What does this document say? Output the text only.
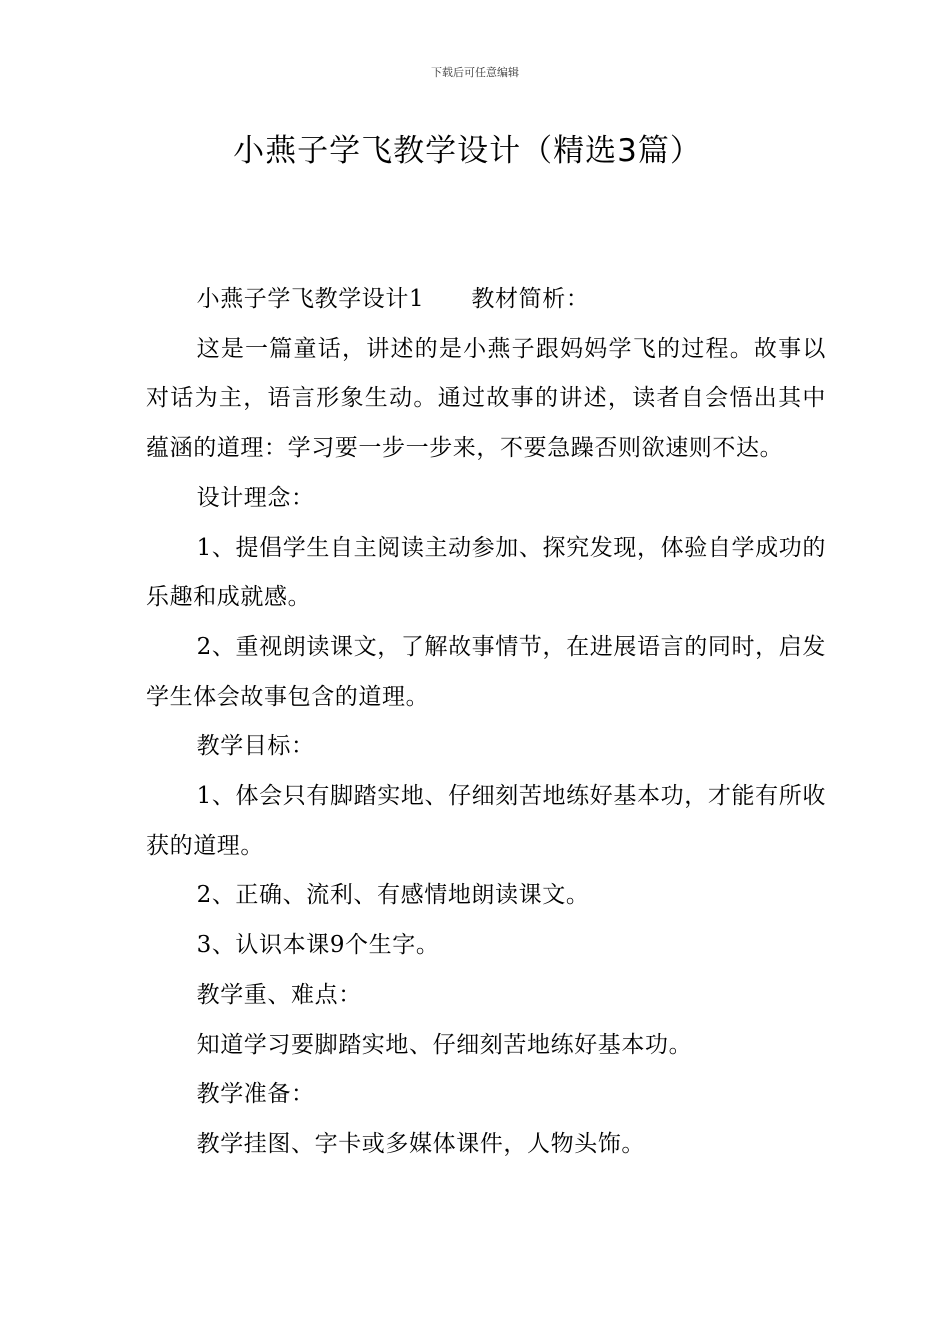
下载后可任意编辑
小燕子学飞教学设计（精选3篇）

小燕子学飞教学设计1　　教材简析：

这是一篇童话，讲述的是小燕子跟妈妈学飞的过程。故事以对话为主，语言形象生动。通过故事的讲述，读者自会悟出其中蕴涵的道理：学习要一步一步来，不要急躁否则欲速则不达。

设计理念：

1、提倡学生自主阅读主动参加、探究发现，体验自学成功的乐趣和成就感。

2、重视朗读课文，了解故事情节，在进展语言的同时，启发学生体会故事包含的道理。

教学目标：

1、体会只有脚踏实地、仔细刻苦地练好基本功，才能有所收获的道理。

2、正确、流利、有感情地朗读课文。

3、认识本课9个生字。

教学重、难点：

知道学习要脚踏实地、仔细刻苦地练好基本功。

教学准备：

教学挂图、字卡或多媒体课件，人物头饰。
